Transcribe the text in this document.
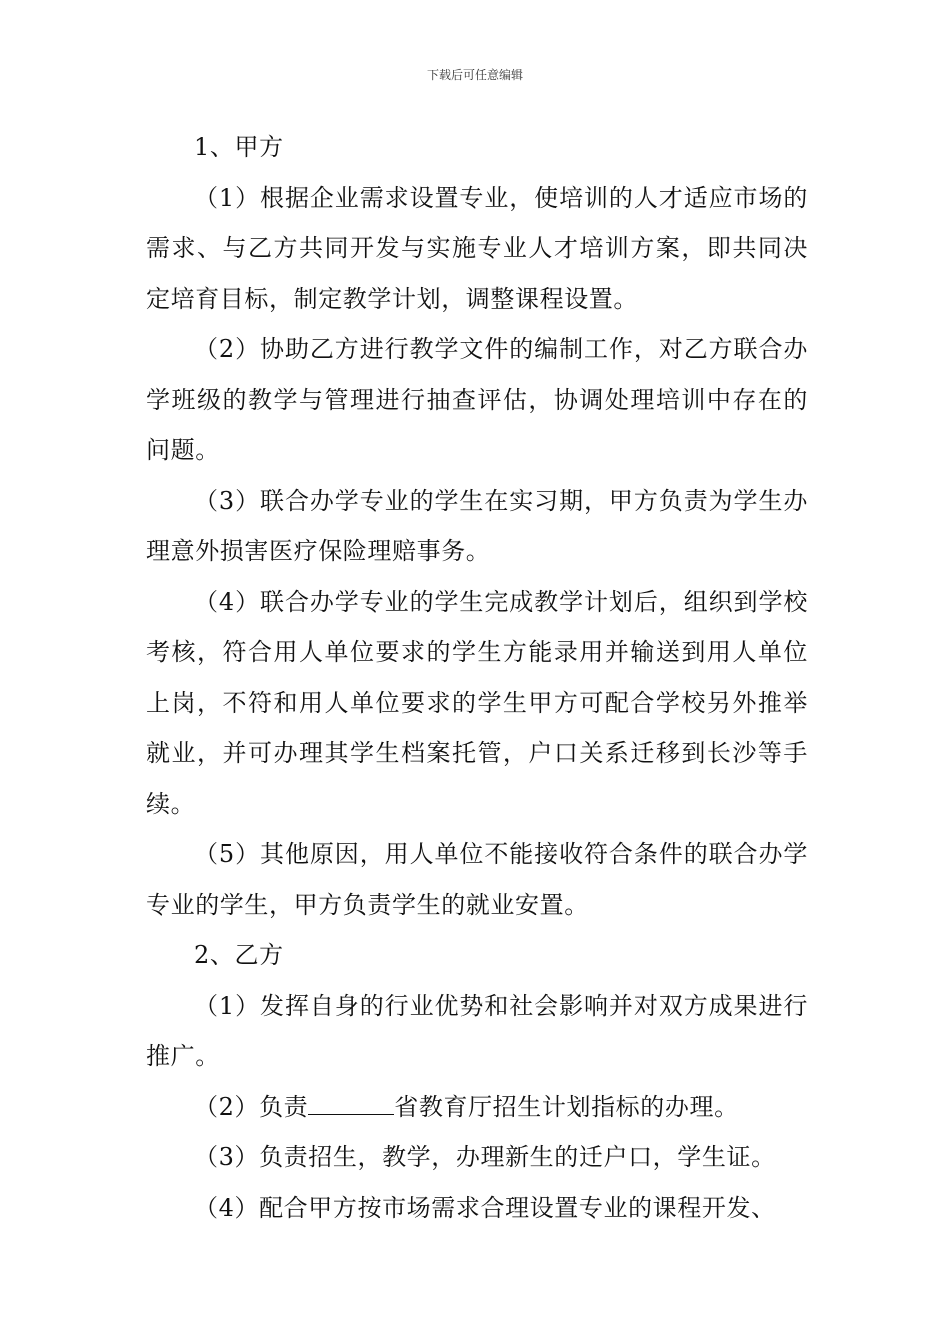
下载后可任意编辑

1、甲方

（1）根据企业需求设置专业，使培训的人才适应市场的需求、与乙方共同开发与实施专业人才培训方案，即共同决定培育目标，制定教学计划，调整课程设置。

（2）协助乙方进行教学文件的编制工作，对乙方联合办学班级的教学与管理进行抽查评估，协调处理培训中存在的问题。

（3）联合办学专业的学生在实习期，甲方负责为学生办理意外损害医疗保险理赔事务。

（4）联合办学专业的学生完成教学计划后，组织到学校考核，符合用人单位要求的学生方能录用并输送到用人单位上岗，不符和用人单位要求的学生甲方可配合学校另外推举就业，并可办理其学生档案托管，户口关系迁移到长沙等手续。

（5）其他原因，用人单位不能接收符合条件的联合办学专业的学生，甲方负责学生的就业安置。

2、乙方

（1）发挥自身的行业优势和社会影响并对双方成果进行推广。

（2）负责	省教育厅招生计划指标的办理。

（3）负责招生，教学，办理新生的迁户口，学生证。

（4）配合甲方按市场需求合理设置专业的课程开发、
